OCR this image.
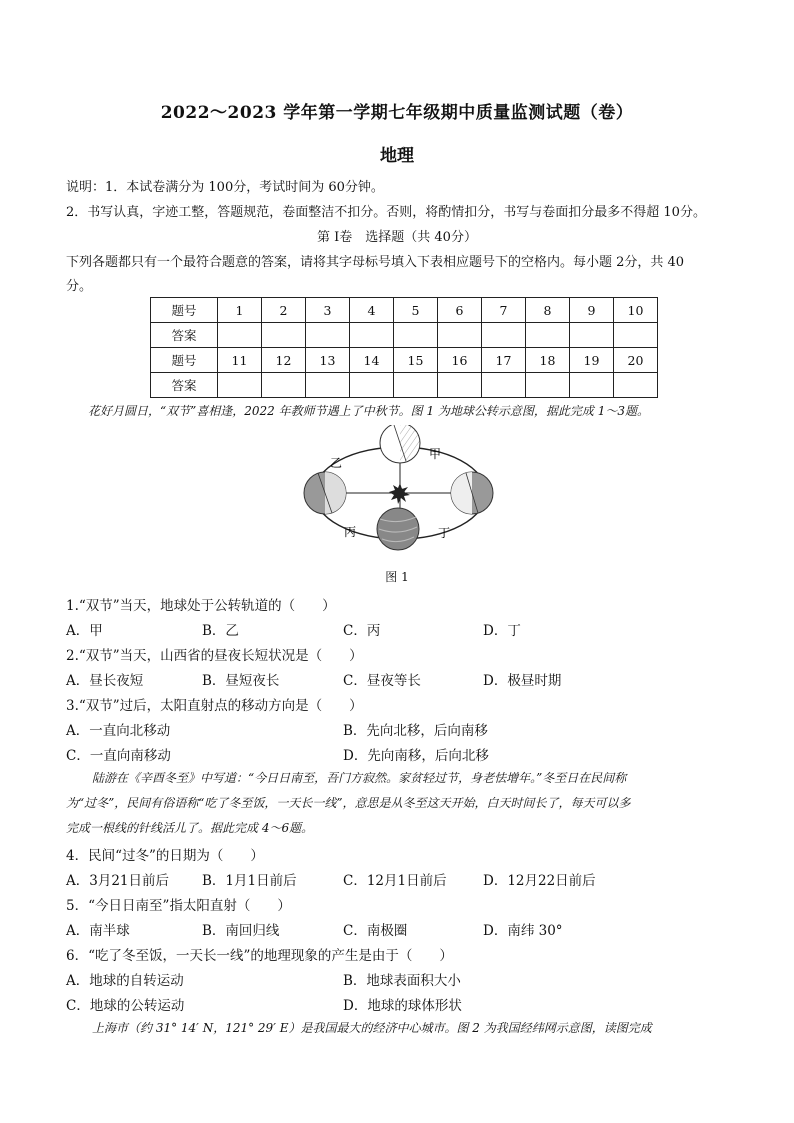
2022～2023 学年第一学期七年级期中质量监测试题（卷）
地理
说明：1．本试卷满分为 100分，考试时间为 60分钟。
2．书写认真，字迹工整，答题规范，卷面整洁不扣分。否则，将酌情扣分，书写与卷面扣分最多不得超 10分。
第 I卷　选择题（共 40分）
下列各题都只有一个最符合题意的答案，请将其字母标号填入下表相应题号下的空格内。每小题 2分，共 40
分。
题号	1	2	3	4	5	6	7	8	9	10
答案										
题号	11	12	13	14	15	16	17	18	19	20
答案										
花好月圆日，“双节”喜相逢，2022 年教师节遇上了中秋节。图 1 为地球公转示意图，据此完成 1～3题。
甲
乙
丙	丁
图 1
1.“双节”当天，地球处于公转轨道的（　　）
A．甲	B．乙	C．丙	D．丁
2.“双节”当天，山西省的昼夜长短状况是（　　）
A．昼长夜短	B．昼短夜长	C．昼夜等长	D．极昼时期
3.“双节”过后，太阳直射点的移动方向是（　　）
A．一直向北移动	B．先向北移，后向南移
C．一直向南移动	D．先向南移，后向北移
陆游在《辛酉冬至》中写道：“今日日南至，吾门方寂然。家贫轻过节，身老怯增年。”冬至日在民间称
为“过冬”，民间有俗语称“吃了冬至饭，一天长一线”，意思是从冬至这天开始，白天时间长了，每天可以多
完成一根线的针线活儿了。据此完成 4～6题。
4．民间“过冬”的日期为（　　）
A．3月21日前后 B．1月1日前后	C．12月1日前后	D．12月22日前后
5．“今日日南至”指太阳直射（　　）
A．南半球	B．南回归线	C．南极圈	D．南纬 30°
6．“吃了冬至饭，一天长一线”的地理现象的产生是由于（　　）
A．地球的自转运动	B．地球表面积大小
C．地球的公转运动	D．地球的球体形状
上海市（约 31° 14′ N，121° 29′ E）是我国最大的经济中心城市。图 2 为我国经纬网示意图，读图完成
